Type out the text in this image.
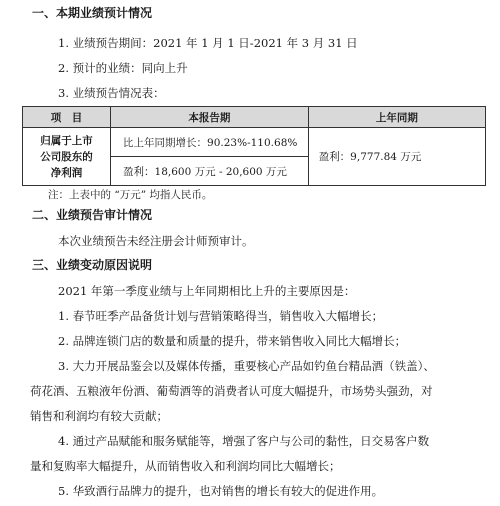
一、本期业绩预计情况
1. 业绩预告期间：2021 年 1 月 1 日-2021 年 3 月 31 日
2. 预计的业绩：同向上升
3. 业绩预告情况表：
项　目	本报告期	上年同期

归属于上市
公司股东的
净利润	比上年同期增长：90.23%-110.68%	盈利：9,777.84 万元
	盈利：18,600 万元 - 20,600 万元	
注：上表中的 “万元” 均指人民币。
二、业绩预告审计情况
本次业绩预告未经注册会计师预审计。
三、业绩变动原因说明
2021 年第一季度业绩与上年同期相比上升的主要原因是：
1. 春节旺季产品备货计划与营销策略得当，销售收入大幅增长；
2. 品牌连锁门店的数量和质量的提升，带来销售收入同比大幅增长；
3. 大力开展品鉴会以及媒体传播，重要核心产品如钓鱼台精品酒（铁盖）、
荷花酒、五粮液年份酒、葡萄酒等的消费者认可度大幅提升，市场势头强劲，对
销售和利润均有较大贡献；
4. 通过产品赋能和服务赋能等，增强了客户与公司的黏性，日交易客户数
量和复购率大幅提升，从而销售收入和利润均同比大幅增长；
5. 华致酒行品牌力的提升，也对销售的增长有较大的促进作用。
